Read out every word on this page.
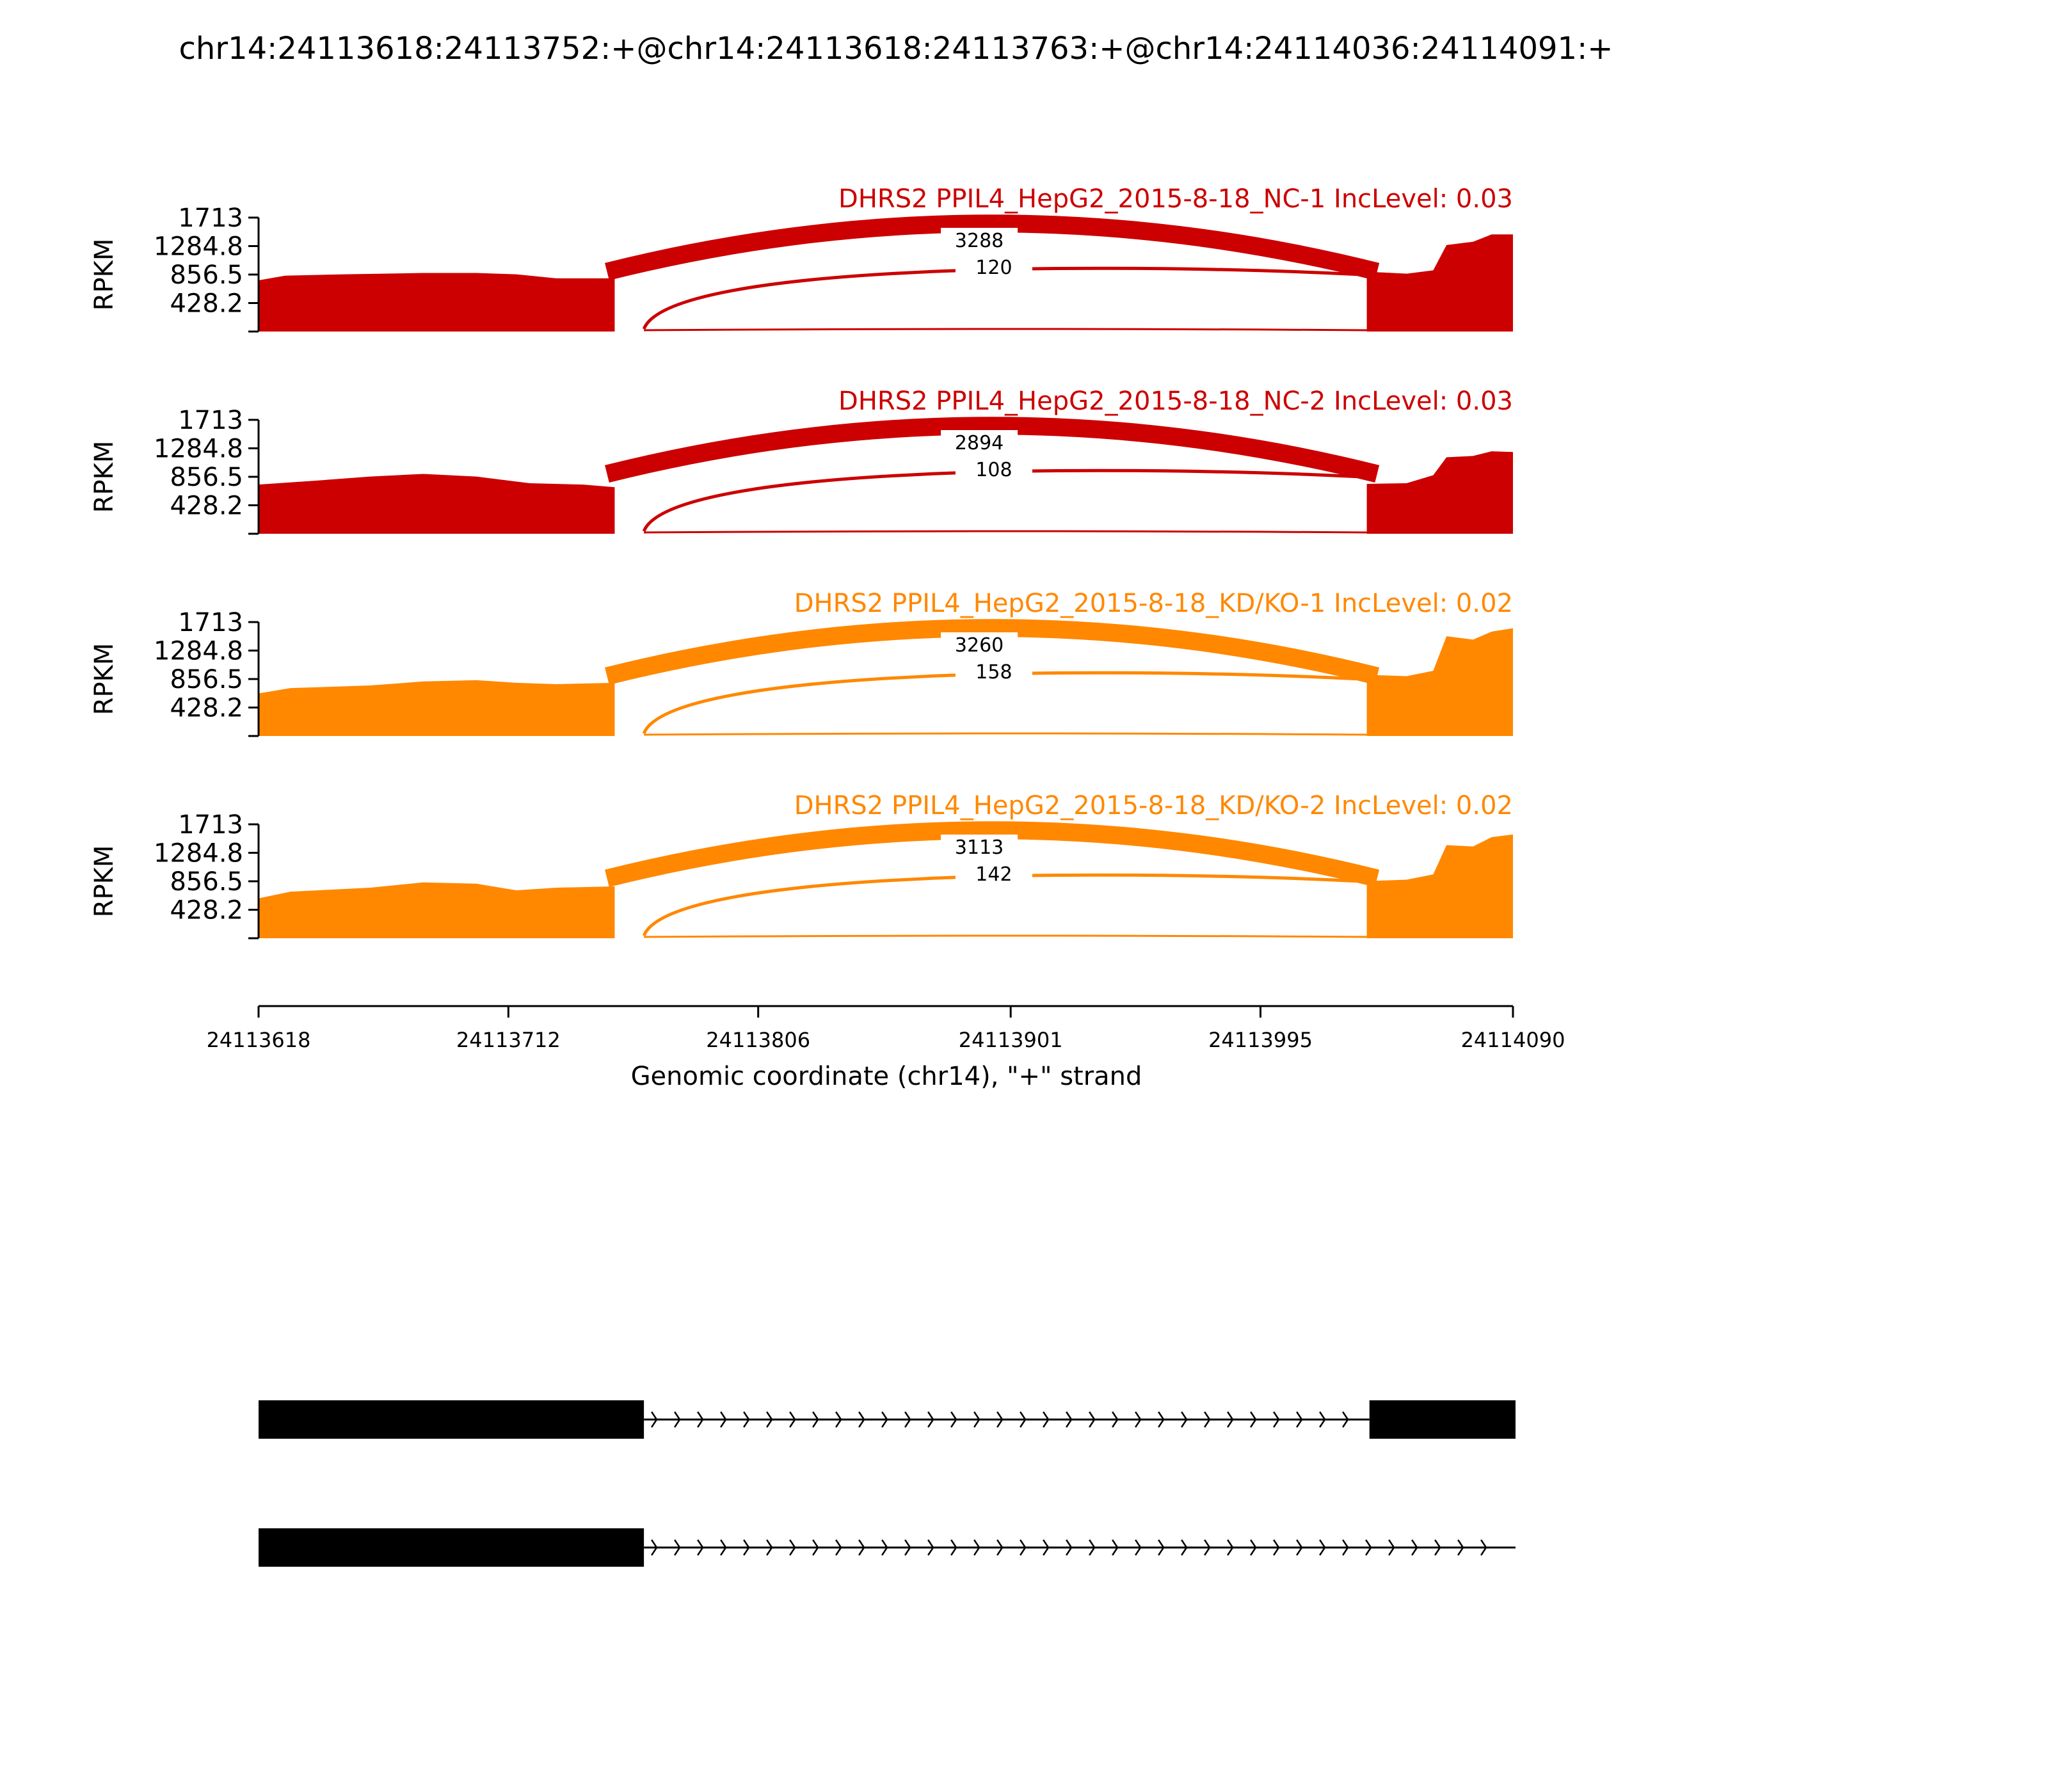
chr14:24113618:24113752:+@chr14:24113618:24113763:+@chr14:24114036:24114091:+
1713
1284.8
856.5
428.2
RPKM
DHRS2 PPIL4_HepG2_2015-8-18_NC-1 IncLevel: 0.03
3288
120
1713
1284.8
856.5
428.2
RPKM
DHRS2 PPIL4_HepG2_2015-8-18_NC-2 IncLevel: 0.03
2894
108
1713
1284.8
856.5
428.2
RPKM
DHRS2 PPIL4_HepG2_2015-8-18_KD/KO-1 IncLevel: 0.02
3260
158
1713
1284.8
856.5
428.2
RPKM
DHRS2 PPIL4_HepG2_2015-8-18_KD/KO-2 IncLevel: 0.02
3113
142
24113618	24113712	24113806	24113901	24113995	24114090
Genomic coordinate (chr14), "+" strand
